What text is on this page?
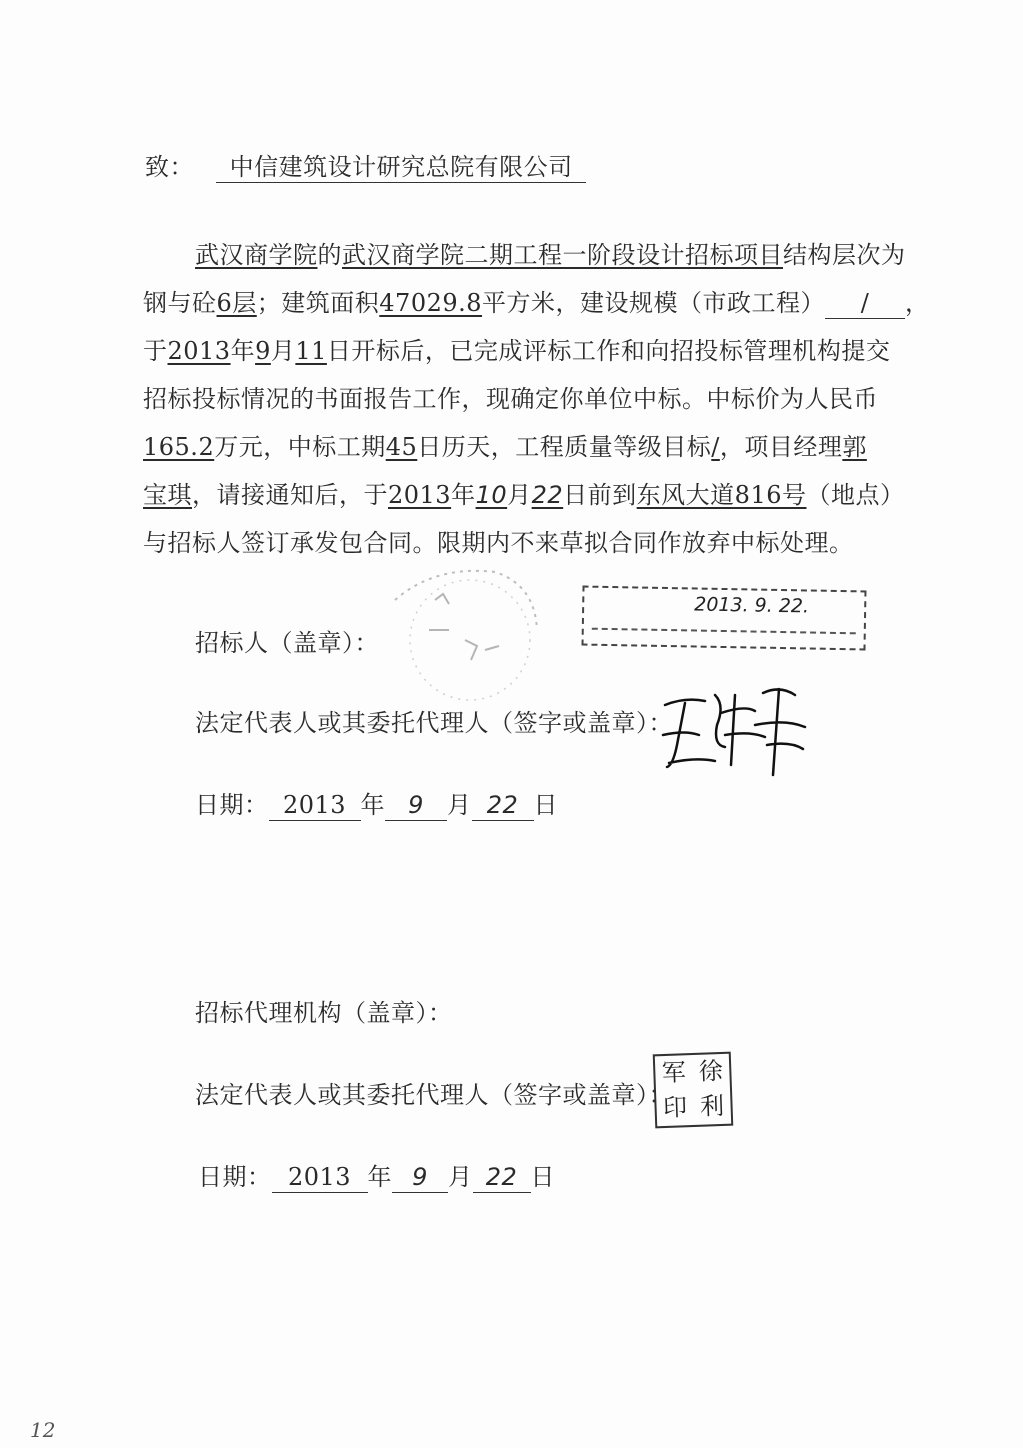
致： 中信建筑设计研究总院有限公司
武汉商学院的武汉商学院二期工程一阶段设计招标项目结构层次为
钢与砼6层；建筑面积47029.8平方米，建设规模（市政工程） / ，
于2013年9月11日开标后，已完成评标工作和向招投标管理机构提交
招标投标情况的书面报告工作，现确定你单位中标。中标价为人民币
165.2万元，中标工期45日历天，工程质量等级目标/，项目经理郭
宝琪，请接通知后，于2013年10月22日前到东风大道816号（地点）
与招标人签订承发包合同。限期内不来草拟合同作放弃中标处理。
2013. 9. 22.
招标人（盖章）：
法定代表人或其委托代理人（签字或盖章）：
日期： 2013 年 9 月 22 日
招标代理机构（盖章）：
法定代表人或其委托代理人（签字或盖章）：
军 徐
印 利
日期： 2013 年 9 月 22 日
12
